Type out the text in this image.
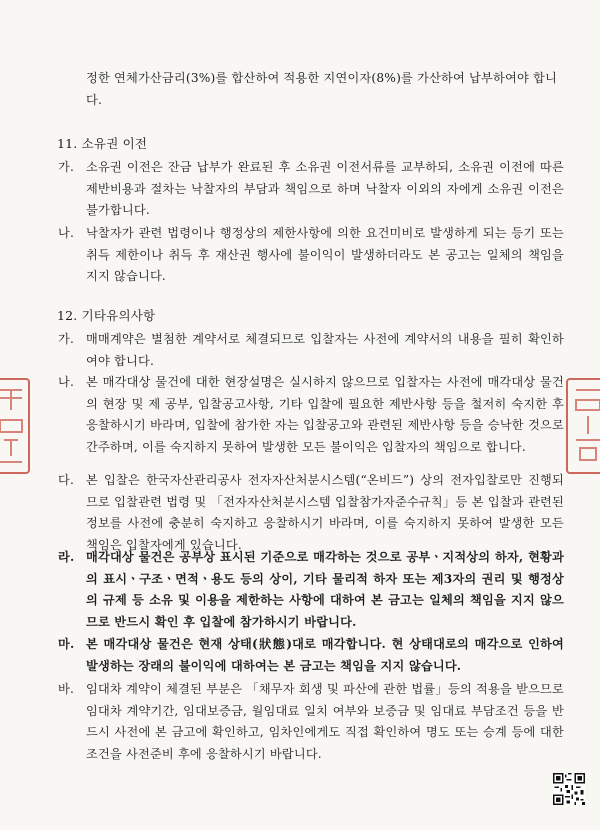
정한 연체가산금리(3%)를 합산하여 적용한 지연이자(8%)를 가산하여 납부하여야 합니다.
11. 소유권 이전
가. 소유권 이전은 잔금 납부가 완료된 후 소유권 이전서류를 교부하되, 소유권 이전에 따른 제반비용과 절차는 낙찰자의 부담과 책임으로 하며 낙찰자 이외의 자에게 소유권 이전은 불가합니다.
나. 낙찰자가 관련 법령이나 행정상의 제한사항에 의한 요건미비로 발생하게 되는 등기 또는 취득 제한이나 취득 후 재산권 행사에 불이익이 발생하더라도 본 공고는 일체의 책임을 지지 않습니다.
12. 기타유의사항
가. 매매계약은 별첨한 계약서로 체결되므로 입찰자는 사전에 계약서의 내용을 필히 확인하여야 합니다.
나. 본 매각대상 물건에 대한 현장설명은 실시하지 않으므로 입찰자는 사전에 매각대상 물건의 현장 및 제 공부, 입찰공고사항, 기타 입찰에 필요한 제반사항 등을 철저히 숙지한 후 응찰하시기 바라며, 입찰에 참가한 자는 입찰공고와 관련된 제반사항 등을 승낙한 것으로 간주하며, 이를 숙지하지 못하여 발생한 모든 불이익은 입찰자의 책임으로 합니다.
다. 본 입찰은 한국자산관리공사 전자자산처분시스템(“온비드”) 상의 전자입찰로만 진행되므로 입찰관련 법령 및 「전자자산처분시스템 입찰참가자준수규칙」등 본 입찰과 관련된 정보를 사전에 충분히 숙지하고 응찰하시기 바라며, 이를 숙지하지 못하여 발생한 모든 책임은 입찰자에게 있습니다.
라. 매각대상 물건은 공부상 표시된 기준으로 매각하는 것으로 공부ㆍ지적상의 하자, 현황과의 표시ㆍ구조ㆍ면적ㆍ용도 등의 상이, 기타 물리적 하자 또는 제3자의 권리 및 행정상의 규제 등 소유 및 이용을 제한하는 사항에 대하여 본 금고는 일체의 책임을 지지 않으므로 반드시 확인 후 입찰에 참가하시기 바랍니다.
마. 본 매각대상 물건은 현재 상태(狀態)대로 매각합니다. 현 상태대로의 매각으로 인하여 발생하는 장래의 불이익에 대하여는 본 금고는 책임을 지지 않습니다.
바. 임대차 계약이 체결된 부분은 「채무자 회생 및 파산에 관한 법률」등의 적용을 받으므로 임대차 계약기간, 임대보증금, 월임대료 일치 여부와 보증금 및 임대료 부담조건 등을 반드시 사전에 본 금고에 확인하고, 임차인에게도 직접 확인하여 명도 또는 승계 등에 대한 조건을 사전준비 후에 응찰하시기 바랍니다.
